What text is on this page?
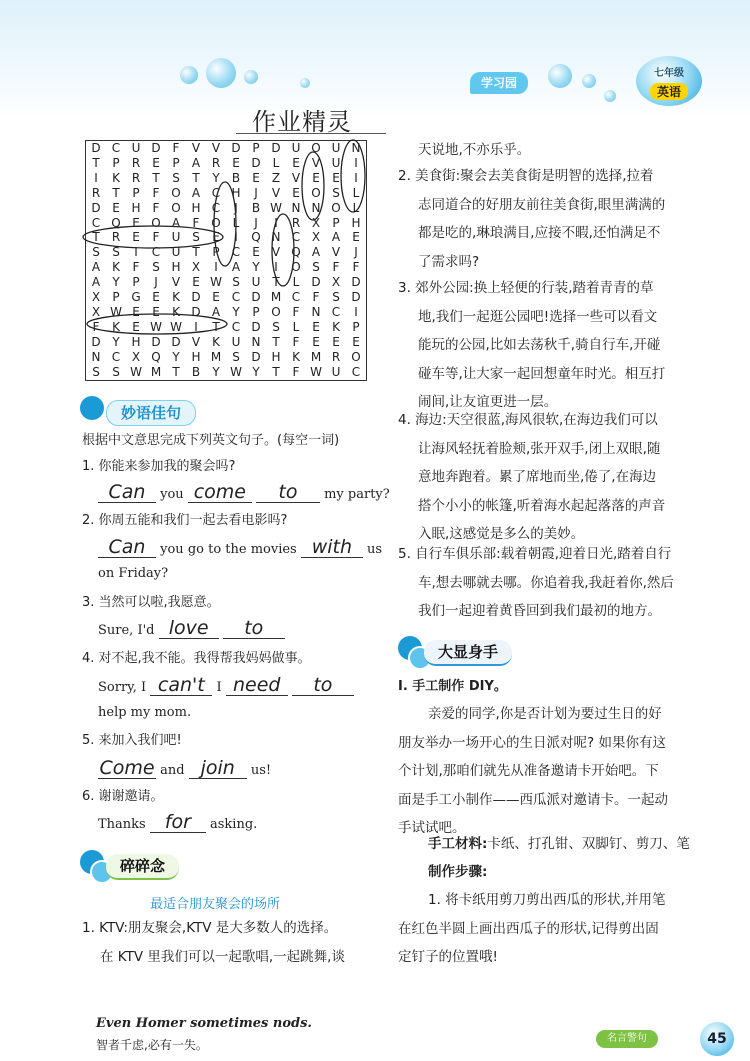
学习园
七年级
英语
作业精灵
D C U D F	V V D P D U O U N
T	P	R	E	P	A R	E D	L	E	V U	I
I	K R	T	S	T	Y	B	E	Z V	E	E	I
R	T	P	F O A C H	J	V	E O S	L
D E H	F O H C	J	B W N N O L
C Q E O A	F O L	J	I	R X	P H
T	R	E	F	U S	E	I	Q N C X A	E
S	S	I	C U T	P	C	E	V Q A V	J
A K	F	S H X	I	A	Y	I	O S	F	F
A	Y	P	J	V	E W S U T	L	D X D
X	P G E	K D E	C D M C	F	S D
X W E	E	K D A	Y	P O F	N C	I
F	K	E W W	I	T	C D S	L	E	K	P
D Y H D D V K U N T	F	E	E	E
N C X Q Y H M S D H K M R O
S	S W M T	B	Y W Y	T	F W U C
妙语佳句
根据中文意思完成下列英文句子。(每空一词)
1. 你能来参加我的聚会吗?
Can you come to my party?
2. 你周五能和我们一起去看电影吗?
Can you go to the movies with us
on Friday?
3. 当然可以啦,我愿意。
Sure, I'd love to
4. 对不起,我不能。我得帮我妈妈做事。
Sorry, I can't I need to
help my mom.
5. 来加入我们吧!
Come and join us!
6. 谢谢邀请。
Thanks for asking.
碎碎念
最适合朋友聚会的场所
1. KTV:朋友聚会,KTV 是大多数人的选择。
在 KTV 里我们可以一起歌唱,一起跳舞,谈
天说地,不亦乐乎。
2. 美食街:聚会去美食街是明智的选择,拉着
志同道合的好朋友前往美食街,眼里满满的
都是吃的,琳琅满目,应接不暇,还怕满足不
了需求吗?
3. 郊外公园:换上轻便的行装,踏着青青的草
地,我们一起逛公园吧!选择一些可以看文
能玩的公园,比如去荡秋千,骑自行车,开碰
碰车等,让大家一起回想童年时光。相互打
闹间,让友谊更进一层。
4. 海边:天空很蓝,海风很软,在海边我们可以
让海风轻抚着脸颊,张开双手,闭上双眼,随
意地奔跑着。累了席地而坐,倦了,在海边
搭个小小的帐篷,听着海水起起落落的声音
入眠,这感觉是多么的美妙。
5. 自行车俱乐部:载着朝霞,迎着日光,踏着自行
车,想去哪就去哪。你追着我,我赶着你,然后
我们一起迎着黄昏回到我们最初的地方。
大显身手
Ⅰ. 手工制作 DIY。
亲爱的同学,你是否计划为要过生日的好
朋友举办一场开心的生日派对呢? 如果你有这
个计划,那咱们就先从准备邀请卡开始吧。下
面是手工小制作——西瓜派对邀请卡。一起动
手试试吧。
手工材料:卡纸、打孔钳、双脚钉、剪刀、笔
制作步骤:
1. 将卡纸用剪刀剪出西瓜的形状,并用笔
在红色半圆上画出西瓜子的形状,记得剪出固
定钉子的位置哦!
Even Homer sometimes nods.
智者千虑,必有一失。	名言警句	45
